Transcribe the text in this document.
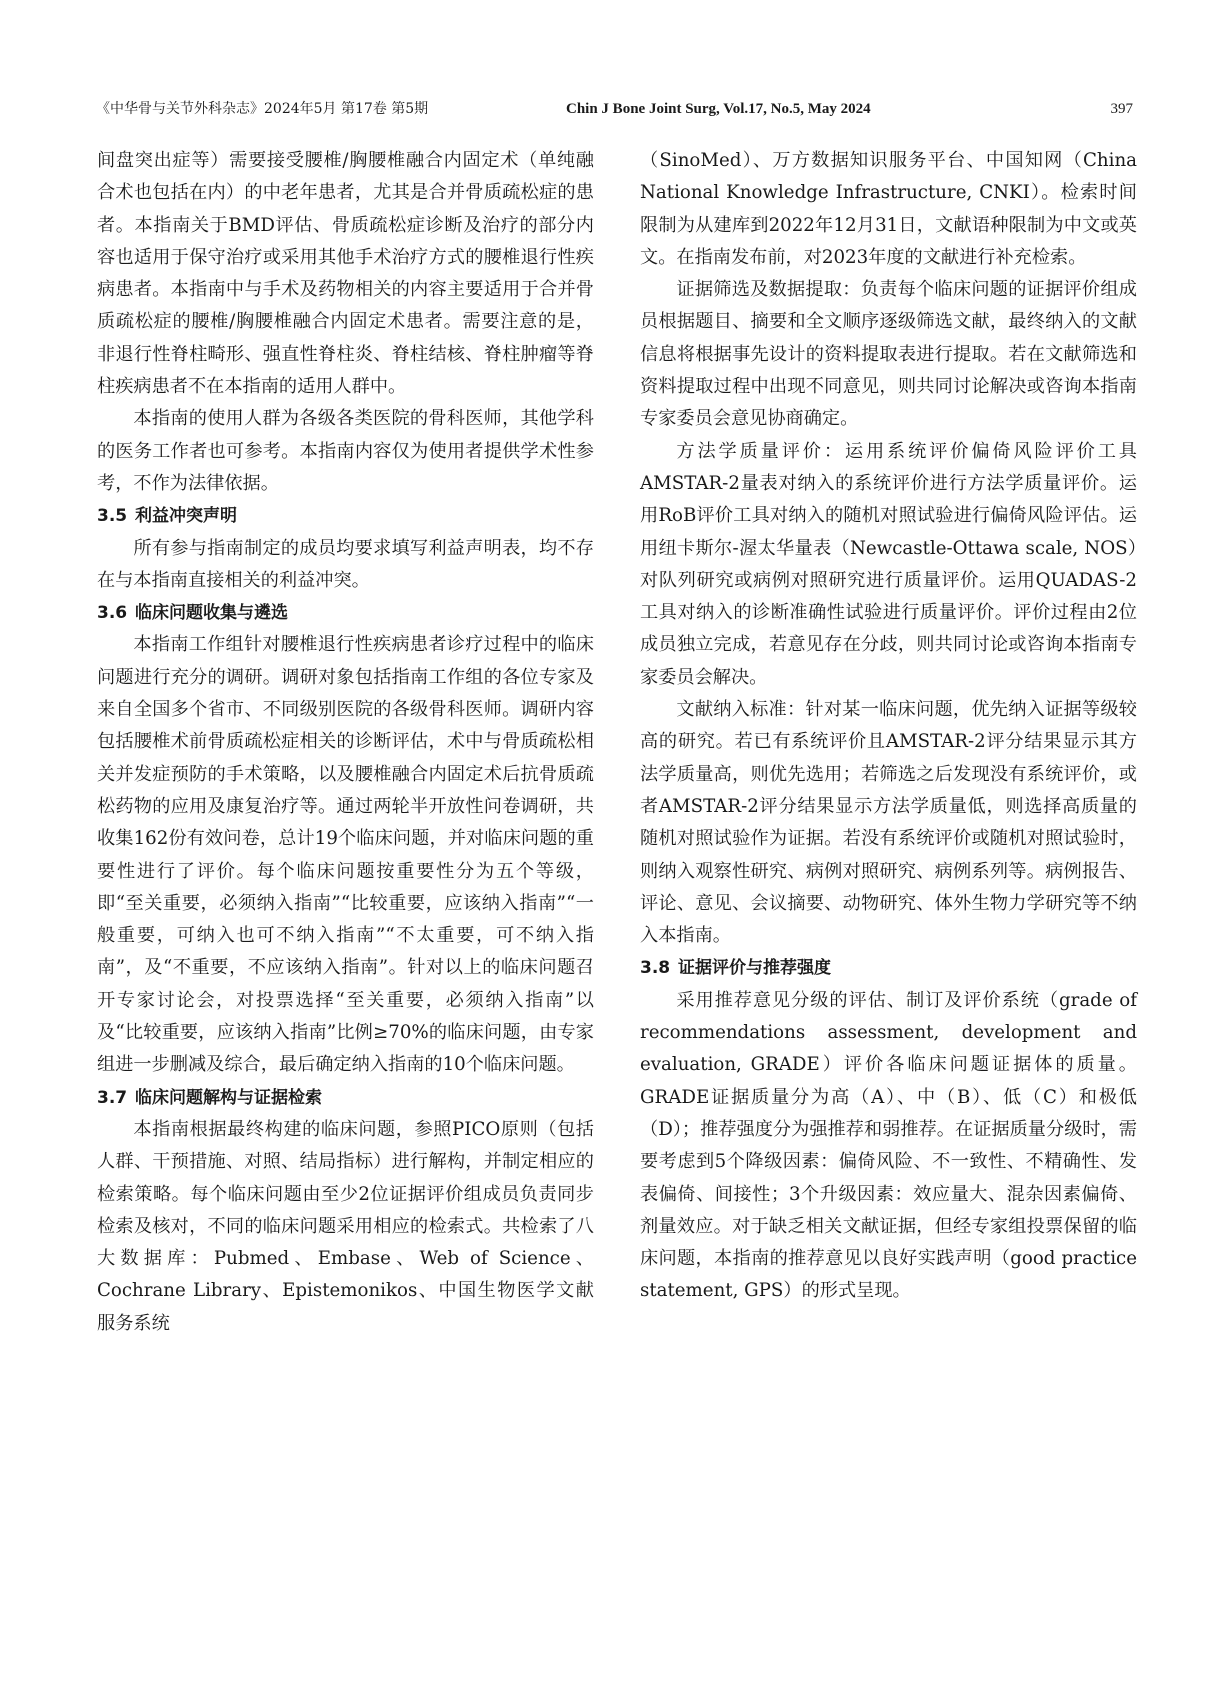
《中华骨与关节外科杂志》2024年5月 第17卷 第5期	Chin J Bone Joint Surg, Vol.17, No.5, May 2024	397

间盘突出症等）需要接受腰椎/胸腰椎融合内固定术（单纯融合术也包括在内）的中老年患者，尤其是合并骨质疏松症的患者。本指南关于BMD评估、骨质疏松症诊断及治疗的部分内容也适用于保守治疗或采用其他手术治疗方式的腰椎退行性疾病患者。本指南中与手术及药物相关的内容主要适用于合并骨质疏松症的腰椎/胸腰椎融合内固定术患者。需要注意的是，非退行性脊柱畸形、强直性脊柱炎、脊柱结核、脊柱肿瘤等脊柱疾病患者不在本指南的适用人群中。

本指南的使用人群为各级各类医院的骨科医师，其他学科的医务工作者也可参考。本指南内容仅为使用者提供学术性参考，不作为法律依据。

3.5 利益冲突声明

所有参与指南制定的成员均要求填写利益声明表，均不存在与本指南直接相关的利益冲突。

3.6 临床问题收集与遴选

本指南工作组针对腰椎退行性疾病患者诊疗过程中的临床问题进行充分的调研。调研对象包括指南工作组的各位专家及来自全国多个省市、不同级别医院的各级骨科医师。调研内容包括腰椎术前骨质疏松症相关的诊断评估，术中与骨质疏松相关并发症预防的手术策略，以及腰椎融合内固定术后抗骨质疏松药物的应用及康复治疗等。通过两轮半开放性问卷调研，共收集162份有效问卷，总计19个临床问题，并对临床问题的重要性进行了评价。每个临床问题按重要性分为五个等级，即“至关重要，必须纳入指南”“比较重要，应该纳入指南”“一般重要，可纳入也可不纳入指南”“不太重要，可不纳入指南”，及“不重要，不应该纳入指南”。针对以上的临床问题召开专家讨论会，对投票选择“至关重要，必须纳入指南”以及“比较重要，应该纳入指南”比例≥70%的临床问题，由专家组进一步删减及综合，最后确定纳入指南的10个临床问题。

3.7 临床问题解构与证据检索

本指南根据最终构建的临床问题，参照PICO原则（包括人群、干预措施、对照、结局指标）进行解构，并制定相应的检索策略。每个临床问题由至少2位证据评价组成员负责同步检索及核对，不同的临床问题采用相应的检索式。共检索了八大数据库：Pubmed、Embase、Web of Science、Cochrane Library、Epistemonikos、中国生物医学文献服务系统

（SinoMed）、万方数据知识服务平台、中国知网（China National Knowledge Infrastructure, CNKI）。检索时间限制为从建库到2022年12月31日，文献语种限制为中文或英文。在指南发布前，对2023年度的文献进行补充检索。

证据筛选及数据提取：负责每个临床问题的证据评价组成员根据题目、摘要和全文顺序逐级筛选文献，最终纳入的文献信息将根据事先设计的资料提取表进行提取。若在文献筛选和资料提取过程中出现不同意见，则共同讨论解决或咨询本指南专家委员会意见协商确定。

方法学质量评价：运用系统评价偏倚风险评价工具AMSTAR-2量表对纳入的系统评价进行方法学质量评价。运用RoB评价工具对纳入的随机对照试验进行偏倚风险评估。运用纽卡斯尔-渥太华量表（Newcastle-Ottawa scale, NOS）对队列研究或病例对照研究进行质量评价。运用QUADAS-2工具对纳入的诊断准确性试验进行质量评价。评价过程由2位成员独立完成，若意见存在分歧，则共同讨论或咨询本指南专家委员会解决。

文献纳入标准：针对某一临床问题，优先纳入证据等级较高的研究。若已有系统评价且AMSTAR-2评分结果显示其方法学质量高，则优先选用；若筛选之后发现没有系统评价，或者AMSTAR-2评分结果显示方法学质量低，则选择高质量的随机对照试验作为证据。若没有系统评价或随机对照试验时，则纳入观察性研究、病例对照研究、病例系列等。病例报告、评论、意见、会议摘要、动物研究、体外生物力学研究等不纳入本指南。

3.8 证据评价与推荐强度

采用推荐意见分级的评估、制订及评价系统（grade of recommendations assessment, development and evaluation, GRADE）评价各临床问题证据体的质量。GRADE证据质量分为高（A）、中（B）、低（C）和极低（D）；推荐强度分为强推荐和弱推荐。在证据质量分级时，需要考虑到5个降级因素：偏倚风险、不一致性、不精确性、发表偏倚、间接性；3个升级因素：效应量大、混杂因素偏倚、剂量效应。对于缺乏相关文献证据，但经专家组投票保留的临床问题，本指南的推荐意见以良好实践声明（good practice statement, GPS）的形式呈现。
